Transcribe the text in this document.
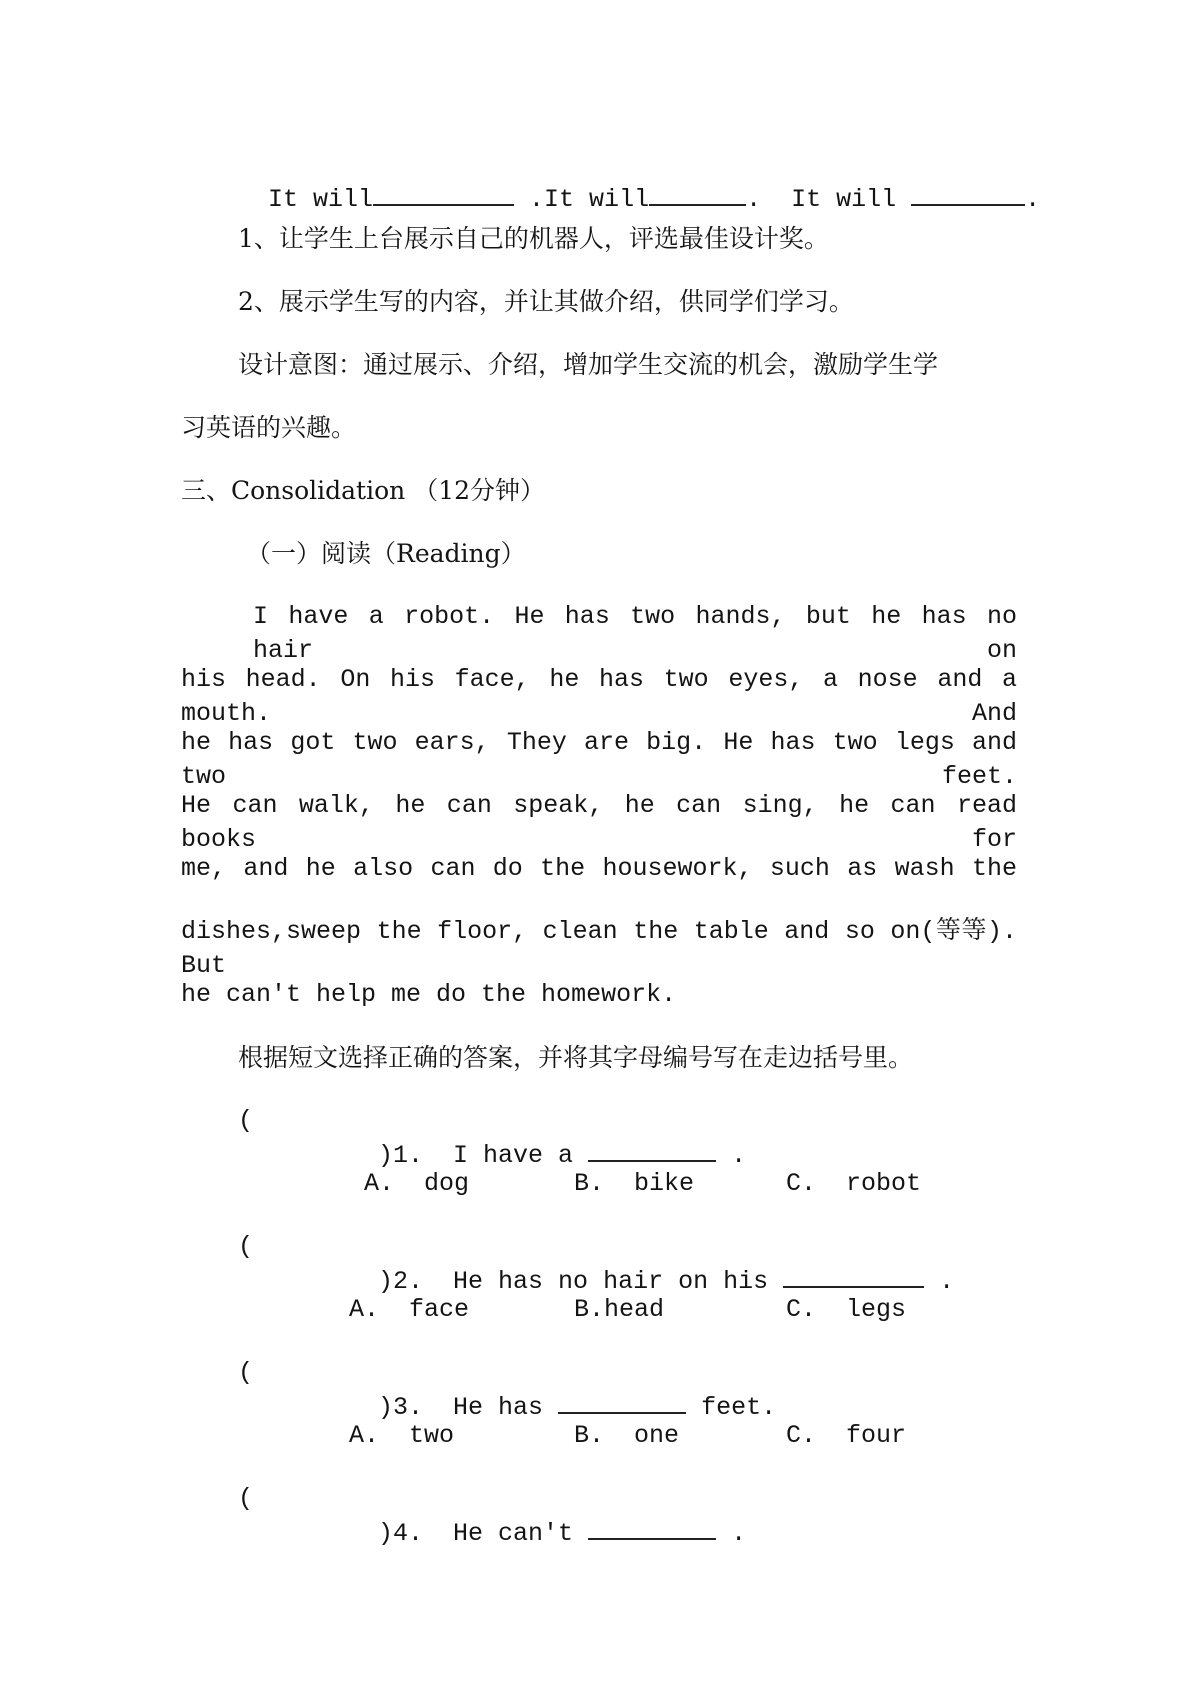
It will	.It will	.  It will	.

1、让学生上台展示自己的机器人，评选最佳设计奖。
2、展示学生写的内容，并让其做介绍，供同学们学习。
设计意图：通过展示、介绍，增加学生交流的机会，激励学生学
习英语的兴趣。
三、Consolidation （12分钟）
（一）阅读（Reading）
I have a robot. He has two hands, but he has no hair on
his head. On his face, he has two eyes, a nose and a mouth. And
he has got two ears, They are big. He has two legs and two feet.
He can walk, he can speak, he can sing, he can read books for
me, and he also can do the housework, such as wash the
dishes,sweep the floor, clean the table and so on(等等). But
he can't help me do the homework.
根据短文选择正确的答案，并将其字母编号写在走边括号里。
(

)1.  I have a	.

A.  dog	B.  bike	C.  robot
(

)2.  He has no hair on his	.

A.  face	B.head	C.  legs
(

)3.  He has	feet.

A.  two	B.  one	C.  four
(

)4.  He can't	.
